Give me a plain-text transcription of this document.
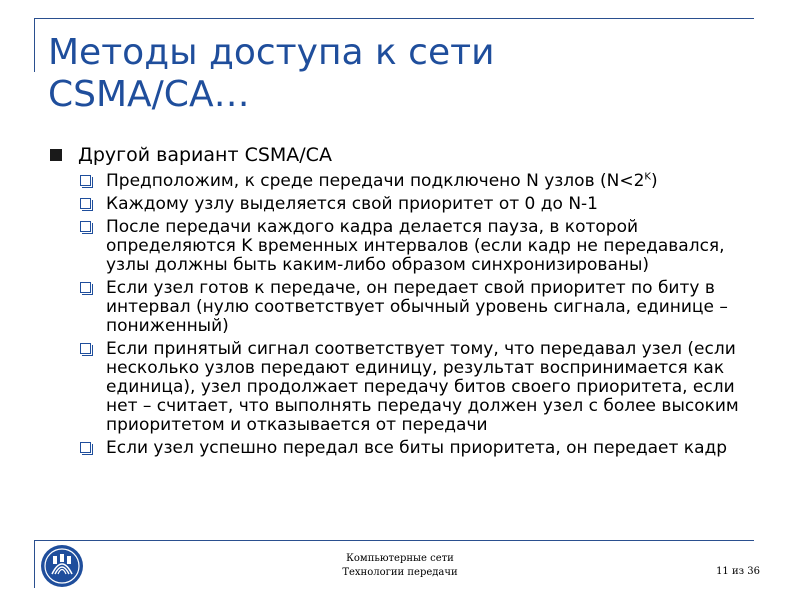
Методы доступа к сети
CSMA/CA…
Другой вариант CSMA/CA
Предположим, к среде передачи подключено N узлов $(N<2^K)$
Каждому узлу выделяется свой приоритет от 0 до N-1
После передачи каждого кадра делается пауза, в которой определяются K временных интервалов (если кадр не передавался, узлы должны быть каким-либо образом синхронизированы)
Если узел готов к передаче, он передает свой приоритет по биту в интервал (нулю соответствует обычный уровень сигнала, единице – пониженный)
Если принятый сигнал соответствует тому, что передавал узел (если несколько узлов передают единицу, результат воспринимается как единица), узел продолжает передачу битов своего приоритета, если нет – считает, что выполнять передачу должен узел с более высоким приоритетом и отказывается от передачи
Если узел успешно передал все биты приоритета, он передает кадр
Компьютерные сети
Технологии передачи	11 из 36
